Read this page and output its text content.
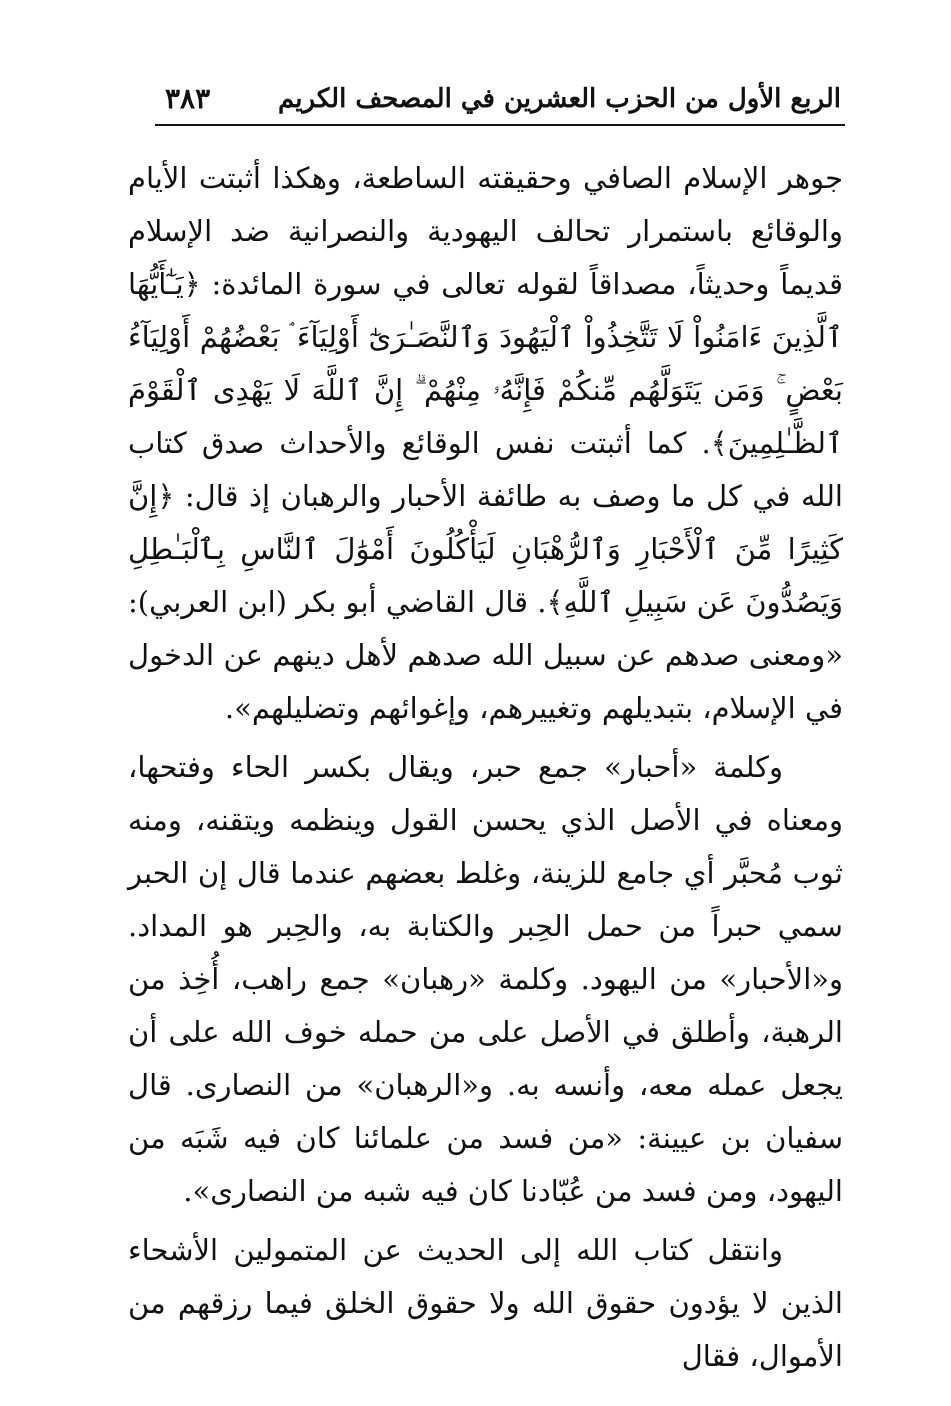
الربع الأول من الحزب العشرين في المصحف الكريم
٣٨٣

جوهر الإسلام الصافي وحقيقته الساطعة، وهكذا أثبتت الأيام والوقائع باستمرار تحالف اليهودية والنصرانية ضد الإسلام قديماً وحديثاً، مصداقاً لقوله تعالى في سورة المائدة: ﴿يَـٰٓأَيُّهَا ٱلَّذِينَ ءَامَنُواْ لَا تَتَّخِذُواْ ٱلْيَهُودَ وَٱلنَّصَـٰرَىٰٓ أَوْلِيَآءَ ۘ بَعْضُهُمْ أَوْلِيَآءُ بَعْضٍ ۚ وَمَن يَتَوَلَّهُم مِّنكُمْ فَإِنَّهُۥ مِنْهُمْ ۗ إِنَّ ٱللَّهَ لَا يَهْدِى ٱلْقَوْمَ ٱلظَّـٰلِمِينَ﴾. كما أثبتت نفس الوقائع والأحداث صدق كتاب الله في كل ما وصف به طائفة الأحبار والرهبان إذ قال: ﴿إِنَّ كَثِيرًا مِّنَ ٱلْأَحْبَارِ وَٱلرُّهْبَانِ لَيَأْكُلُونَ أَمْوَٰلَ ٱلنَّاسِ بِٱلْبَـٰطِلِ وَيَصُدُّونَ عَن سَبِيلِ ٱللَّهِ﴾. قال القاضي أبو بكر (ابن العربي): «ومعنى صدهم عن سبيل الله صدهم لأهل دينهم عن الدخول في الإسلام، بتبديلهم وتغييرهم، وإغوائهم وتضليلهم».

وكلمة «أحبار» جمع حبر، ويقال بكسر الحاء وفتحها، ومعناه في الأصل الذي يحسن القول وينظمه ويتقنه، ومنه ثوب مُحبَّر أي جامع للزينة، وغلط بعضهم عندما قال إن الحبر سمي حبراً من حمل الحِبر والكتابة به، والحِبر هو المداد. و«الأحبار» من اليهود. وكلمة «رهبان» جمع راهب، أُخِذ من الرهبة، وأطلق في الأصل على من حمله خوف الله على أن يجعل عمله معه، وأنسه به. و«الرهبان» من النصارى. قال سفيان بن عيينة: «من فسد من علمائنا كان فيه شَبَه من اليهود، ومن فسد من عُبّادنا كان فيه شبه من النصارى».

وانتقل كتاب الله إلى الحديث عن المتمولين الأشحاء الذين لا يؤدون حقوق الله ولا حقوق الخلق فيما رزقهم من الأموال، فقال
